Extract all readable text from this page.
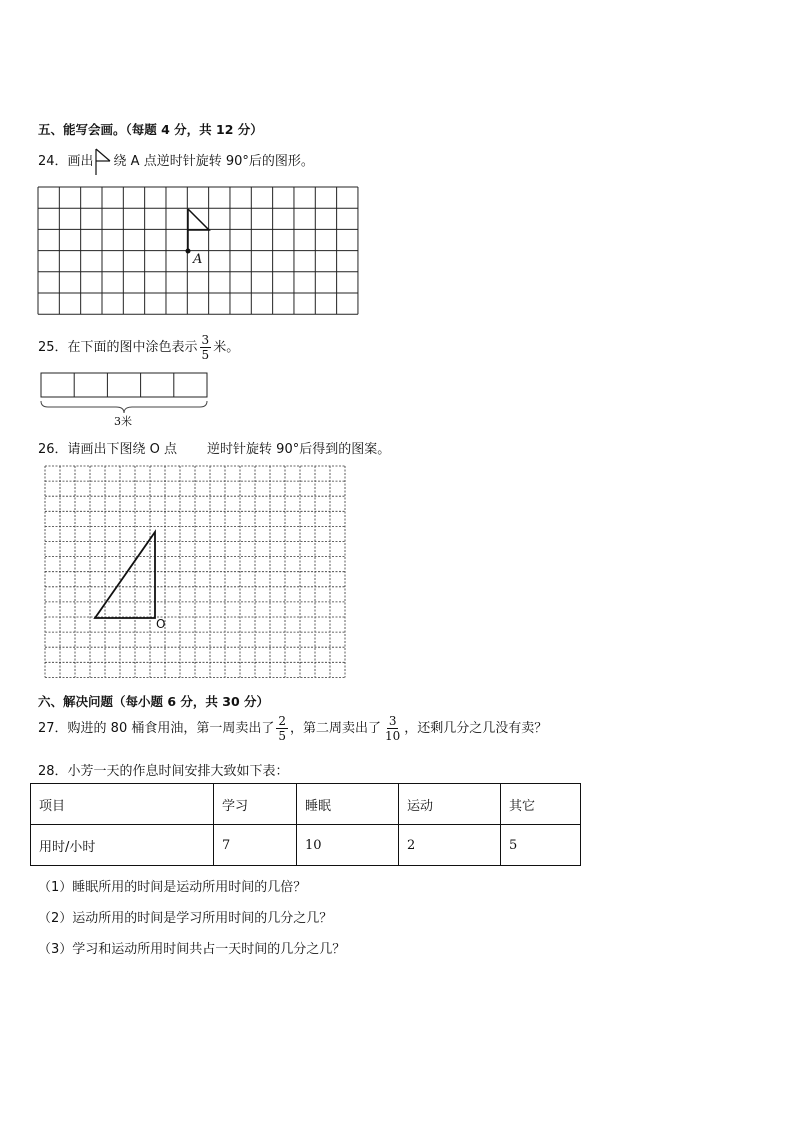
五、能写会画。（每题 4 分，共 12 分）
24．画出 绕 A 点逆时针旋转 90°后的图形。
A
25．在下面的图中涂色表示 $\frac{3}{5}$ 米。
3米
26．请画出下图绕 O 点 逆时针旋转 90°后得到的图案。
O
六、解决问题（每小题 6 分，共 30 分）
27．购进的 80 桶食用油，第一周卖出了 $\frac{2}{5}$ ，第二周卖出了 $\frac{3}{10}$ ，还剩几分之几没有卖？
28．小芳一天的作息时间安排大致如下表：
项目	学习	睡眠	运动	其它
用时/小时	7	10	2	5
（1）睡眠所用的时间是运动所用时间的几倍？
（2）运动所用的时间是学习所用时间的几分之几？
（3）学习和运动所用时间共占一天时间的几分之几？
